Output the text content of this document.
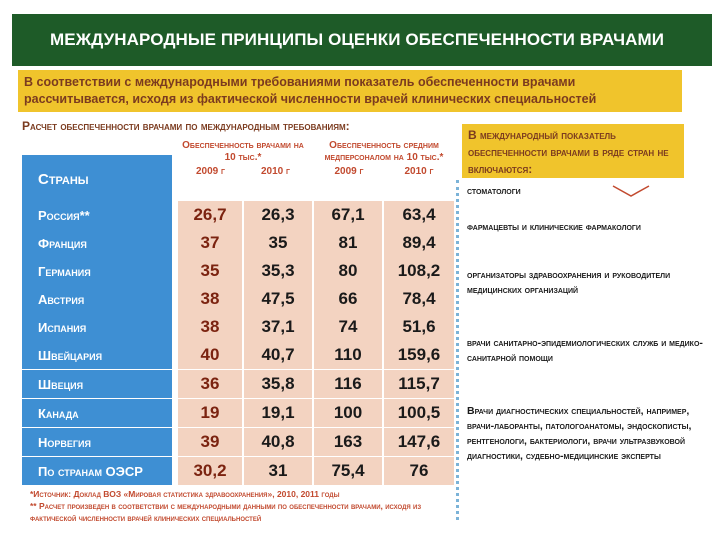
МЕЖДУНАРОДНЫЕ ПРИНЦИПЫ ОЦЕНКИ ОБЕСПЕЧЕННОСТИ ВРАЧАМИ
В соответствии с международными требованиями показатель обеспеченности врачами рассчитывается, исходя из фактической численности врачей клинических специальностей
Расчет обеспеченности врачами по международным требованиям:
Страны
Обеспеченность врачами на 10 тыс.*
2009 г	2010 г
Обеспеченность средним медперсоналом на 10 тыс.*
2009 г	2010 г
Россия**	26,7	26,3	67,1	63,4
Франция	37	35	81	89,4
Германия	35	35,3	80	108,2
Австрия	38	47,5	66	78,4
Испания	38	37,1	74	51,6
Швейцария	40	40,7	110	159,6
Швеция	36	35,8	116	115,7
Канада	19	19,1	100	100,5
Норвегия	39	40,8	163	147,6
По странам ОЭСР	30,2	31	75,4	76
*Источник: Доклад ВОЗ «Мировая статистика здравоохранения», 2010, 2011 годы
** Расчет произведен в соответствии с международными данными по обеспеченности врачами, исходя из фактической численности врачей клинических специальностей
В международный показатель обеспеченности врачами в ряде стран не включаются:
стоматологи
фармацевты и клинические фармакологи
организаторы здравоохранения и руководители медицинских организаций
врачи санитарно-эпидемиологических служб и медико-санитарной помощи
Врачи диагностических специальностей, например, врачи-лаборанты, патологоанатомы, эндоскописты, рентгенологи, бактериологи, врачи ультразвуковой диагностики, судебно-медицинские эксперты
